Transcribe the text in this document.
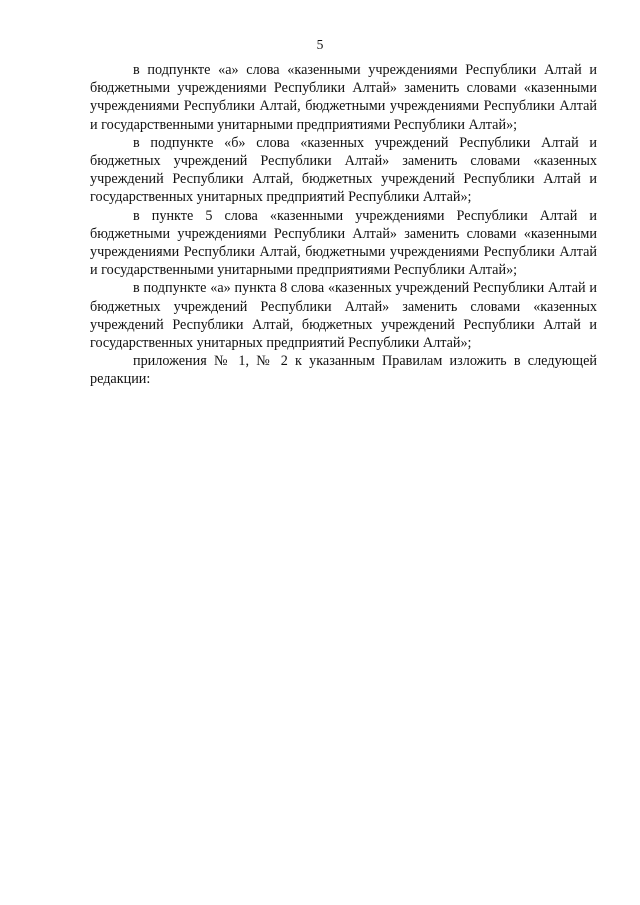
5

в подпункте «а» слова «казенными учреждениями Республики Алтай и бюджетными учреждениями Республики Алтай» заменить словами «казенными учреждениями Республики Алтай, бюджетными учреждениями Республики Алтай и государственными унитарными предприятиями Республики Алтай»;

в подпункте «б» слова «казенных учреждений Республики Алтай и бюджетных учреждений Республики Алтай» заменить словами «казенных учреждений Республики Алтай, бюджетных учреждений Республики Алтай и государственных унитарных предприятий Республики Алтай»;

в пункте 5 слова «казенными учреждениями Республики Алтай и бюджетными учреждениями Республики Алтай» заменить словами «казенными учреждениями Республики Алтай, бюджетными учреждениями Республики Алтай и государственными унитарными предприятиями Республики Алтай»;

в подпункте «а» пункта 8 слова «казенных учреждений Республики Алтай и бюджетных учреждений Республики Алтай» заменить словами «казенных учреждений Республики Алтай, бюджетных учреждений Республики Алтай и государственных унитарных предприятий Республики Алтай»;

приложения № 1, № 2 к указанным Правилам изложить в следующей редакции:
